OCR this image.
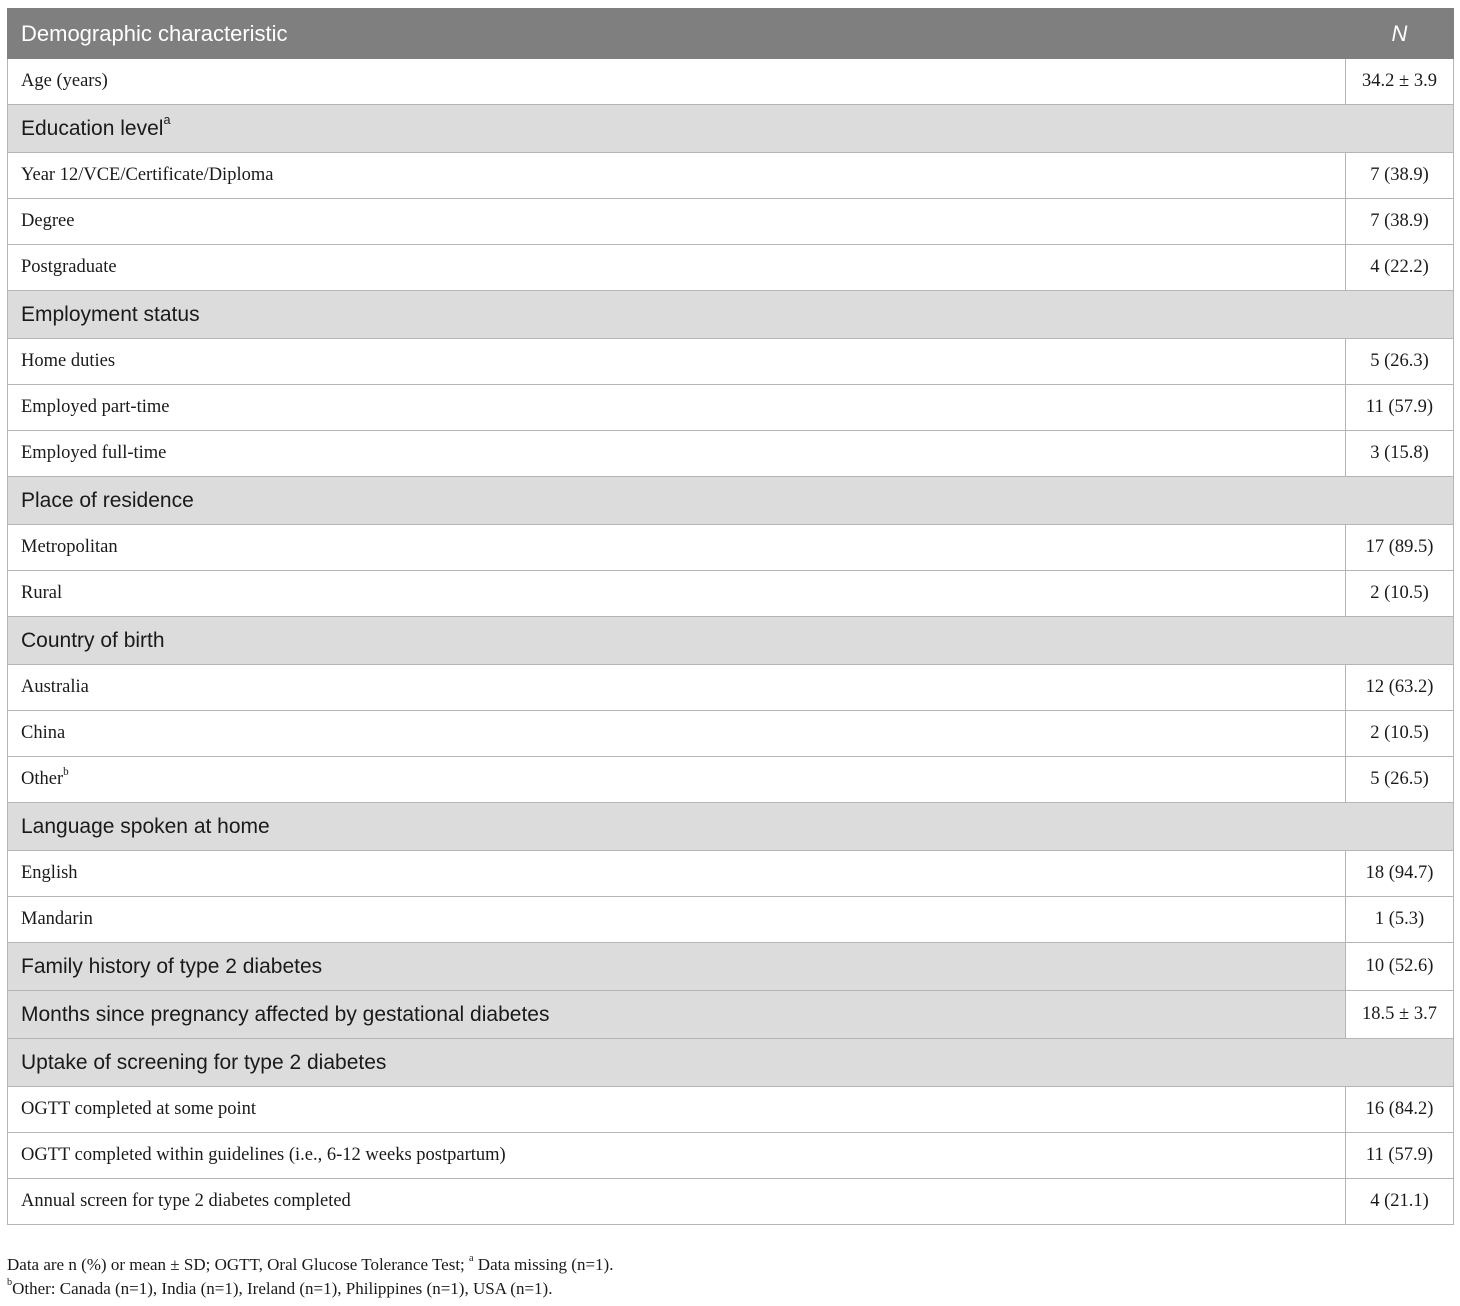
Demographic characteristic	N
Age (years)	34.2 ± 3.9
Education level$^a$
Year 12/VCE/Certificate/Diploma	7 (38.9)
Degree	7 (38.9)
Postgraduate	4 (22.2)
Employment status	
Home duties	5 (26.3)
Employed part-time	11 (57.9)
Employed full-time	3 (15.8)
Place of residence	
Metropolitan	17 (89.5)
Rural	2 (10.5)
Country of birth	
Australia	12 (63.2)
China	2 (10.5)
Other$^b$	5 (26.5)
Language spoken at home	
English	18 (94.7)
Mandarin	1 (5.3)
Family history of type 2 diabetes	10 (52.6)
Months since pregnancy affected by gestational diabetes	18.5 ± 3.7
Uptake of screening for type 2 diabetes	
OGTT completed at some point	16 (84.2)
OGTT completed within guidelines (i.e., 6-12 weeks postpartum)	11 (57.9)
Annual screen for type 2 diabetes completed	4 (21.1)

Data are n (%) or mean ± SD; OGTT, Oral Glucose Tolerance Test; $^a$ Data missing (n=1).

$^b$Other: Canada (n=1), India (n=1), Ireland (n=1), Philippines (n=1), USA (n=1).
